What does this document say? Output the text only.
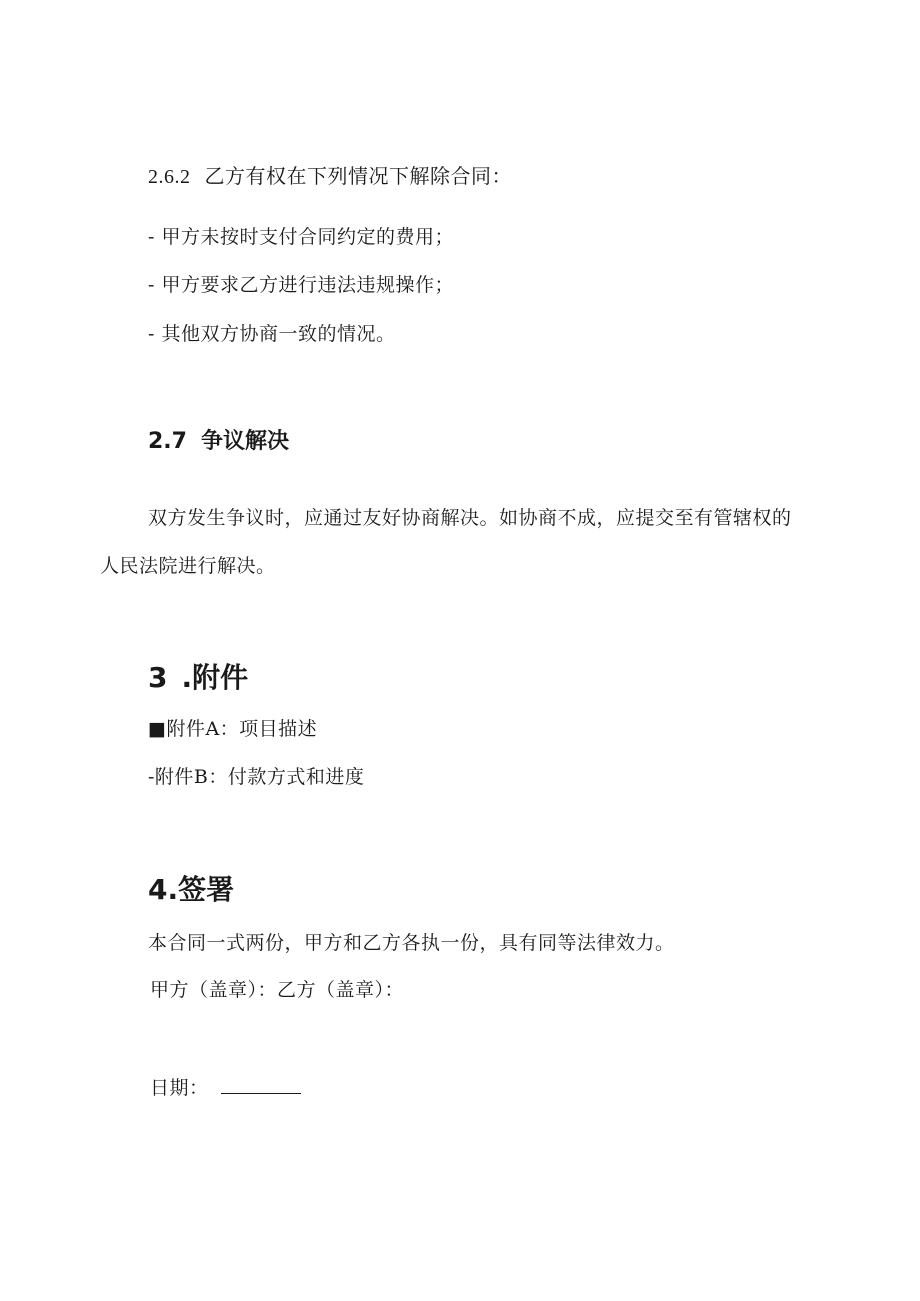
2.6.2 乙方有权在下列情况下解除合同：
- 甲方未按时支付合同约定的费用；
- 甲方要求乙方进行违法违规操作；
- 其他双方协商一致的情况。
2.7 争议解决
双方发生争议时，应通过友好协商解决。如协商不成，应提交至有管辖权的
人民法院进行解决。
3 .附件
■附件A：项目描述
-附件B：付款方式和进度
4.签署
本合同一式两份，甲方和乙方各执一份，具有同等法律效力。
甲方（盖章）：乙方（盖章）：
日期：
